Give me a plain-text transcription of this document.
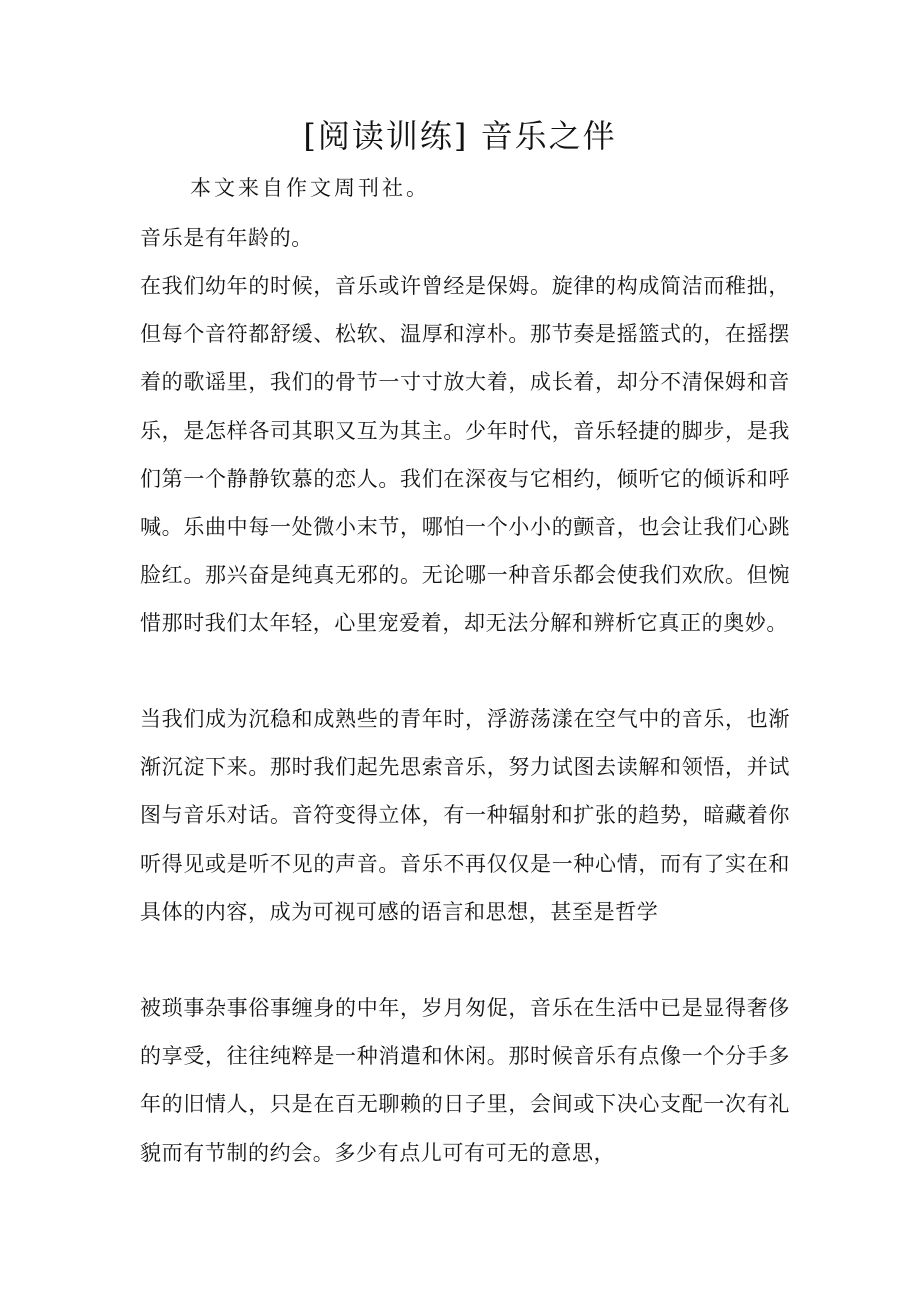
[阅读训练] 音乐之伴
本文来自作文周刊社。
音乐是有年龄的。
在我们幼年的时候，音乐或许曾经是保姆。旋律的构成简洁而稚拙，但每个音符都舒缓、松软、温厚和淳朴。那节奏是摇篮式的，在摇摆着的歌谣里，我们的骨节一寸寸放大着，成长着，却分不清保姆和音乐，是怎样各司其职又互为其主。少年时代，音乐轻捷的脚步，是我们第一个静静钦慕的恋人。我们在深夜与它相约，倾听它的倾诉和呼喊。乐曲中每一处微小末节，哪怕一个小小的颤音，也会让我们心跳脸红。那兴奋是纯真无邪的。无论哪一种音乐都会使我们欢欣。但惋惜那时我们太年轻，心里宠爱着，却无法分解和辨析它真正的奥妙。
当我们成为沉稳和成熟些的青年时，浮游荡漾在空气中的音乐，也渐渐沉淀下来。那时我们起先思索音乐，努力试图去读解和领悟，并试图与音乐对话。音符变得立体，有一种辐射和扩张的趋势，暗藏着你听得见或是听不见的声音。音乐不再仅仅是一种心情，而有了实在和具体的内容，成为可视可感的语言和思想，甚至是哲学
被琐事杂事俗事缠身的中年，岁月匆促，音乐在生活中已是显得奢侈的享受，往往纯粹是一种消遣和休闲。那时候音乐有点像一个分手多年的旧情人，只是在百无聊赖的日子里，会间或下决心支配一次有礼貌而有节制的约会。多少有点儿可有可无的意思，
